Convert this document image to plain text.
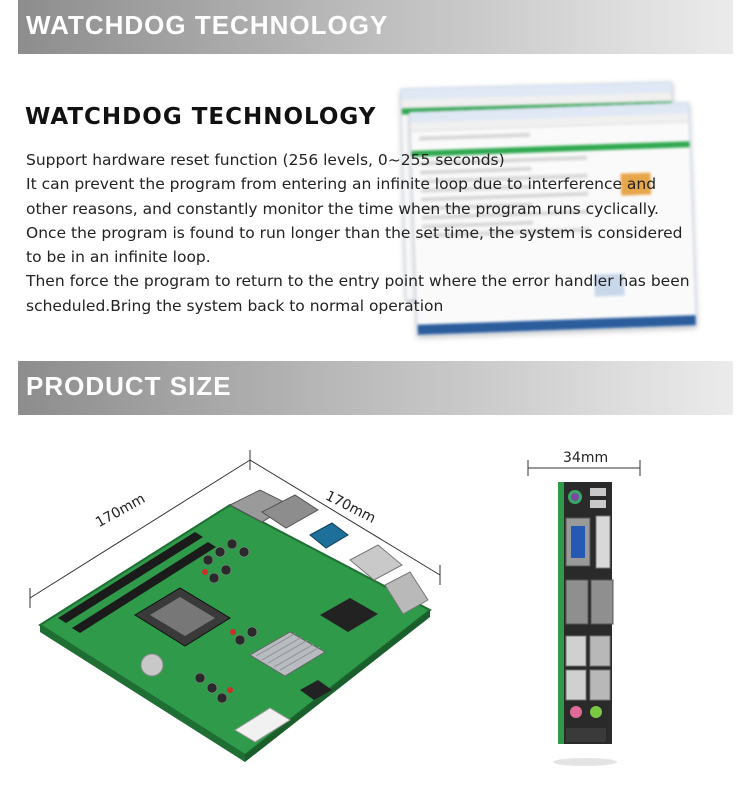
WATCHDOG TECHNOLOGY
WATCHDOG TECHNOLOGY
Support hardware reset function (256 levels, 0~255 seconds)
It can prevent the program from entering an infinite loop due to interference and
other reasons, and constantly monitor the time when the program runs cyclically.
Once the program is found to run longer than the set time, the system is considered
to be in an infinite loop.
Then force the program to return to the entry point where the error handler has been
scheduled.Bring the system back to normal operation
PRODUCT SIZE
170mm	170mm
34mm
